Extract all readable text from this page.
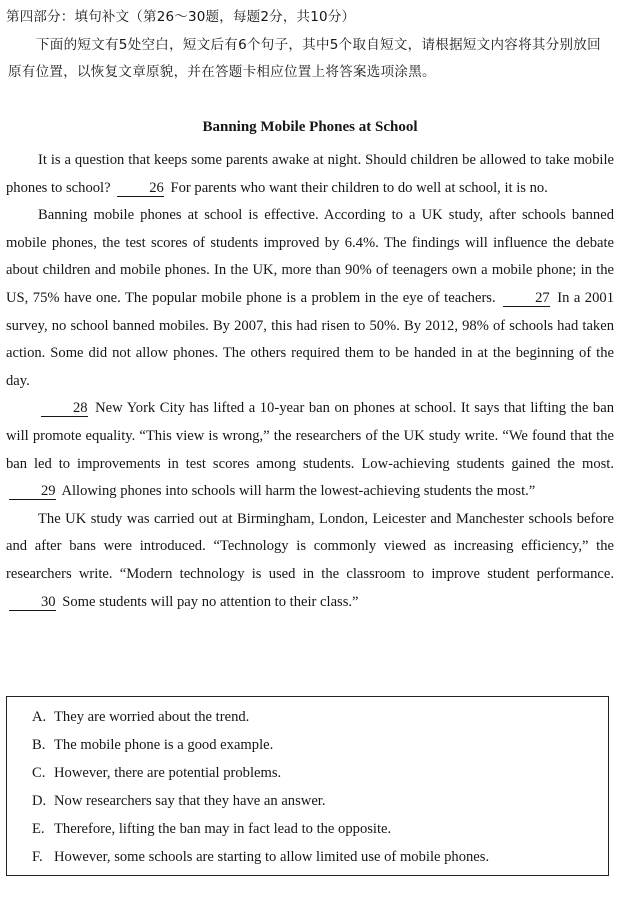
第四部分：填句补文（第26～30题，每题2分，共10分）
下面的短文有5处空白，短文后有6个句子，其中5个取自短文，请根据短文内容将其分别放回原有位置，以恢复文章原貌，并在答题卡相应位置上将答案选项涂黑。
Banning Mobile Phones at School

It is a question that keeps some parents awake at night. Should children be allowed to take mobile phones to school?	26 For parents who want their children to do well at school, it is no.

Banning mobile phones at school is effective. According to a UK study, after schools banned mobile phones, the test scores of students improved by 6.4%. The findings will influence the debate about children and mobile phones. In the UK, more than 90% of teenagers own a mobile phone; in the US, 75% have one. The popular mobile phone is a problem in the eye of teachers.	27 In a 2001 survey, no school banned mobiles. By 2007, this had risen to 50%. By 2012, 98% of schools had taken action. Some did not allow phones. The others required them to be handed in at the beginning of the day.

28 New York City has lifted a 10-year ban on phones at school. It says that lifting the ban will promote equality. “This view is wrong,” the researchers of the UK study write. “We found that the ban led to improvements in test scores among students. Low-achieving students gained the most. 29 Allowing phones into schools will harm the lowest-achieving students the most.”

The UK study was carried out at Birmingham, London, Leicester and Manchester schools before and after bans were introduced. “Technology is commonly viewed as increasing efficiency,” the researchers write. “Modern technology is used in the classroom to improve student performance. 30 Some students will pay no attention to their class.”

A. They are worried about the trend.
B. The mobile phone is a good example.
C. However, there are potential problems.
D. Now researchers say that they have an answer.
E. Therefore, lifting the ban may in fact lead to the opposite.
F. However, some schools are starting to allow limited use of mobile phones.
